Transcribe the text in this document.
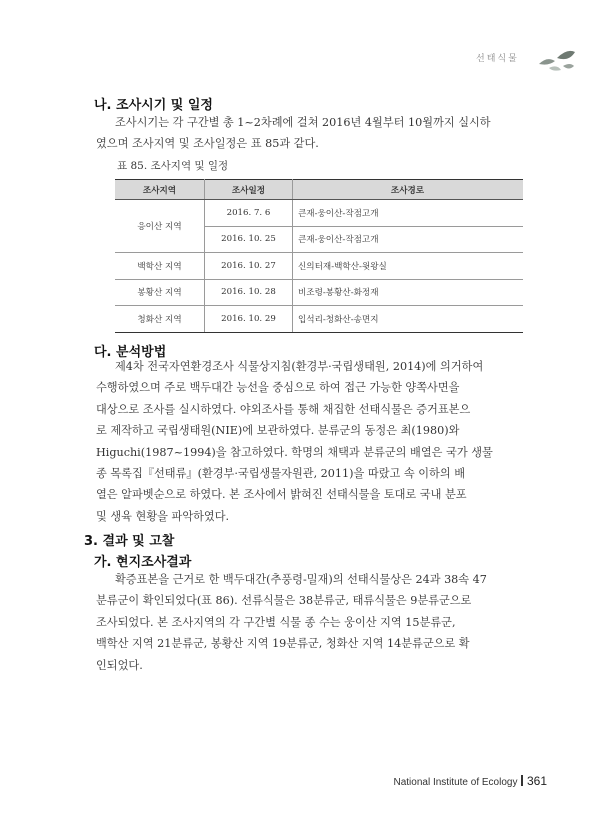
선태식물
나. 조사시기 및 일정
조사시기는 각 구간별 총 1~2차례에 걸쳐 2016년 4월부터 10월까지 실시하
였으며 조사지역 및 조사일정은 표 85과 같다.
표 85. 조사지역 및 일정
조사지역	조사일정	조사경로
응이산 지역	2016. 7. 6	큰재-웅이산-작점고개
	2016. 10. 25	큰재-웅이산-작점고개
백학산 지역	2016. 10. 27	신의터재-백학산-윗왕실
봉황산 지역	2016. 10. 28	비조령-봉황산-화정재
청화산 지역	2016. 10. 29	입석리-청화산-송면지
다. 분석방법
제4차 전국자연환경조사 식물상지침(환경부·국립생태원, 2014)에 의거하여
수행하였으며 주로 백두대간 능선을 중심으로 하여 접근 가능한 양쪽사면을
대상으로 조사를 실시하였다. 야외조사를 통해 채집한 선태식물은 증거표본으
로 제작하고 국립생태원(NIE)에 보관하였다. 분류군의 동정은 최(1980)와
Higuchi(1987~1994)을 참고하였다. 학명의 채택과 분류군의 배열은 국가 생물
종 목록집『선태류』(환경부·국립생물자원관, 2011)을 따랐고 속 이하의 배
열은 알파벳순으로 하였다. 본 조사에서 밝혀진 선태식물을 토대로 국내 분포
및 생육 현황을 파악하였다.
3. 결과 및 고찰
가. 현지조사결과
확증표본을 근거로 한 백두대간(추풍령-밀재)의 선태식물상은 24과 38속 47
분류군이 확인되었다(표 86). 선류식물은 38분류군, 태류식물은 9분류군으로
조사되었다. 본 조사지역의 각 구간별 식물 종 수는 웅이산 지역 15분류군,
백학산 지역 21분류군, 봉황산 지역 19분류군, 청화산 지역 14분류군으로 확
인되었다.
National Institute of Ecology 361
